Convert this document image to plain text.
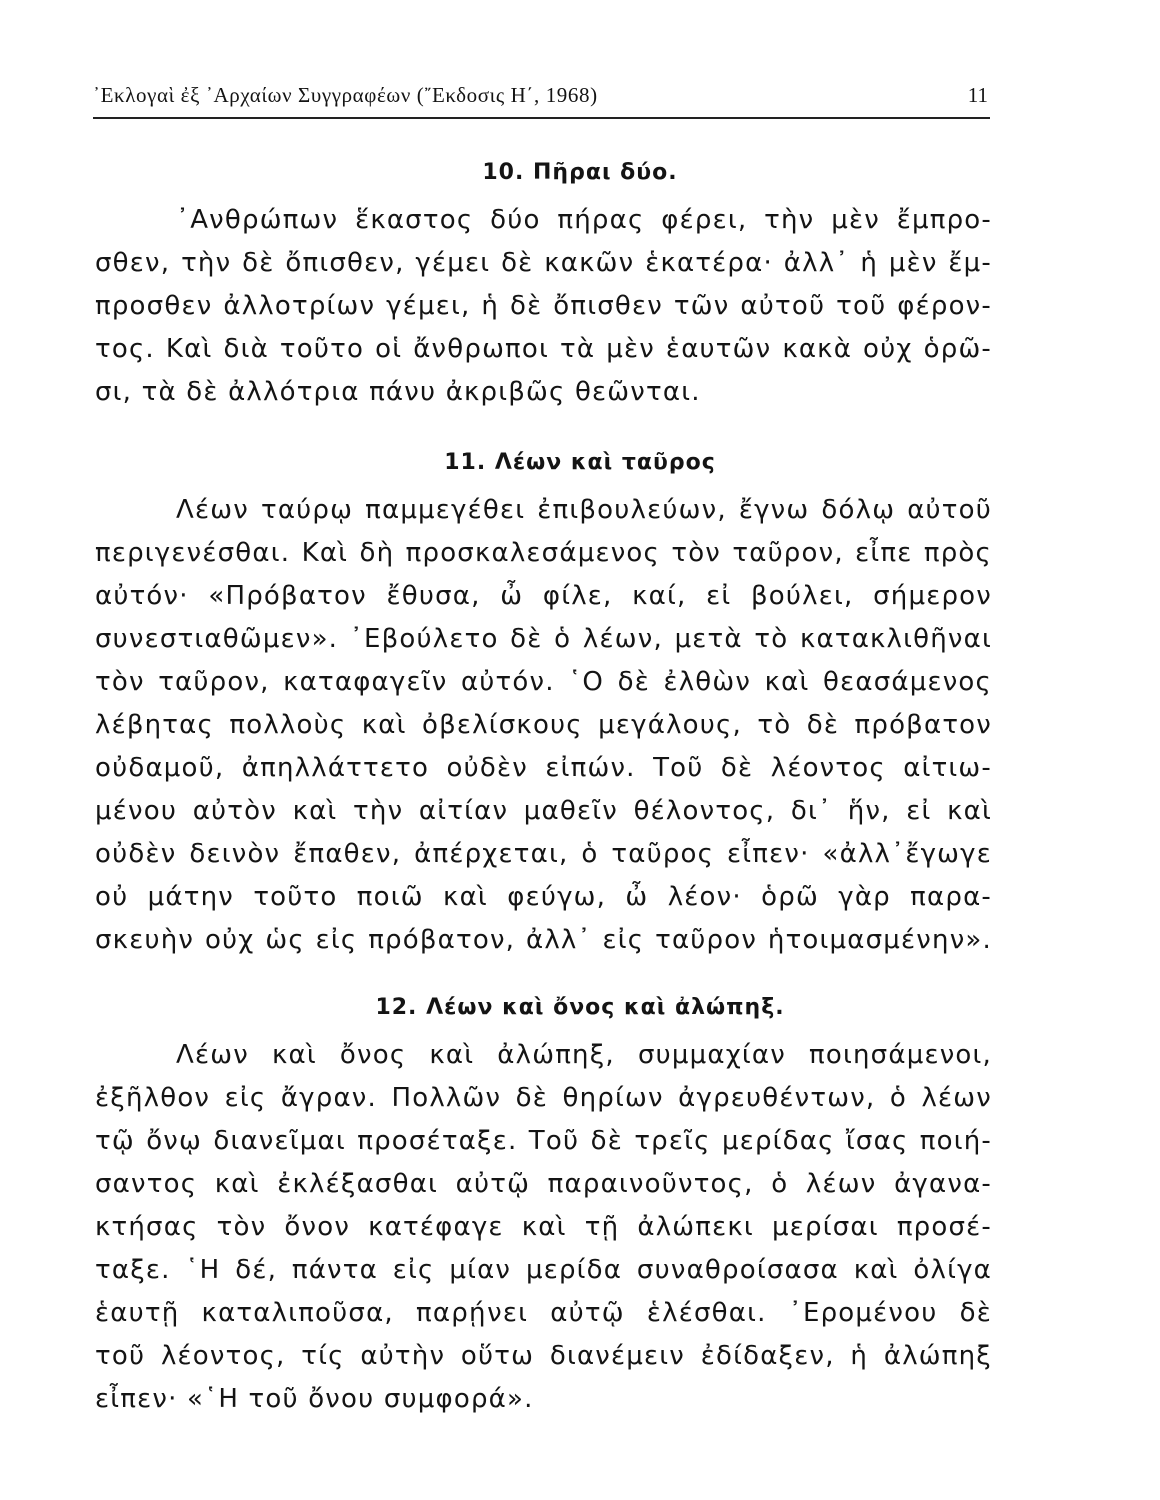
᾿Εκλογαὶ ἐξ ᾿Αρχαίων Συγγραφέων (῎Εκδοσις Η΄, 1968)	11
10. Πῆραι δύο.
᾿Ανθρώπων ἕκαστος δύο πήρας φέρει, τὴν μὲν ἔμπρο-
σθεν, τὴν δὲ ὄπισθεν, γέμει δὲ κακῶν ἑκατέρα· ἀλλ᾿ ἡ μὲν ἔμ-
προσθεν ἀλλοτρίων γέμει, ἡ δὲ ὄπισθεν τῶν αὐτοῦ τοῦ φέρον-
τος. Καὶ διὰ τοῦτο οἱ ἄνθρωποι τὰ μὲν ἑαυτῶν κακὰ οὐχ ὁρῶ-
σι, τὰ δὲ ἀλλότρια πάνυ ἀκριβῶς θεῶνται.
11. Λέων καὶ ταῦρος
Λέων ταύρῳ παμμεγέθει ἐπιβουλεύων, ἔγνω δόλῳ αὐτοῦ
περιγενέσθαι. Καὶ δὴ προσκαλεσάμενος τὸν ταῦρον, εἶπε πρὸς
αὐτόν· «Πρόβατον ἔθυσα, ὦ φίλε, καί, εἰ βούλει, σήμερον
συνεστιαθῶμεν». ᾿Εβούλετο δὲ ὁ λέων, μετὰ τὸ κατακλιθῆναι
τὸν ταῦρον, καταφαγεῖν αὐτόν. ῾Ο δὲ ἐλθὼν καὶ θεασάμενος
λέβητας πολλοὺς καὶ ὀβελίσκους μεγάλους, τὸ δὲ πρόβατον
οὐδαμοῦ, ἀπηλλάττετο οὐδὲν εἰπών. Τοῦ δὲ λέοντος αἰτιω-
μένου αὐτὸν καὶ τὴν αἰτίαν μαθεῖν θέλοντος, δι᾿ ἥν, εἰ καὶ
οὐδὲν δεινὸν ἔπαθεν, ἀπέρχεται, ὁ ταῦρος εἶπεν· «ἀλλ᾿ἔγωγε
οὐ μάτην τοῦτο ποιῶ καὶ φεύγω, ὦ λέον· ὁρῶ γὰρ παρα-
σκευὴν οὐχ ὡς εἰς πρόβατον, ἀλλ᾿ εἰς ταῦρον ἡτοιμασμένην».
12. Λέων καὶ ὄνος καὶ ἀλώπηξ.
Λέων καὶ ὄνος καὶ ἀλώπηξ, συμμαχίαν ποιησάμενοι,
ἐξῆλθον εἰς ἄγραν. Πολλῶν δὲ θηρίων ἀγρευθέντων, ὁ λέων
τῷ ὄνῳ διανεῖμαι προσέταξε. Τοῦ δὲ τρεῖς μερίδας ἴσας ποιή-
σαντος καὶ ἐκλέξασθαι αὐτῷ παραινοῦντος, ὁ λέων ἀγανα-
κτήσας τὸν ὄνον κατέφαγε καὶ τῇ ἀλώπεκι μερίσαι προσέ-
ταξε. ῾Η δέ, πάντα εἰς μίαν μερίδα συναθροίσασα καὶ ὀλίγα
ἑαυτῇ καταλιποῦσα, παρῄνει αὐτῷ ἑλέσθαι. ᾿Ερομένου δὲ
τοῦ λέοντος, τίς αὐτὴν οὕτω διανέμειν ἐδίδαξεν, ἡ ἀλώπηξ
εἶπεν· «῾Η τοῦ ὄνου συμφορά».
